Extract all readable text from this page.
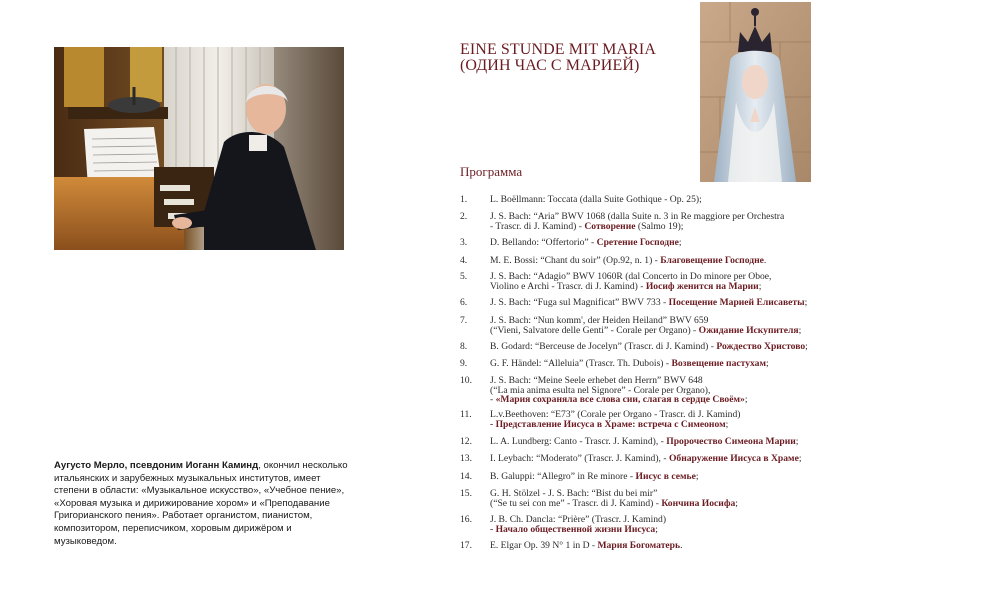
Аугусто Мерло, псевдоним Иоганн Каминд, окончил несколько итальянских и зарубежных музыкальных институтов, имеет степени в области: «Музыкальное искусство», «Учебное пение», «Хоровая музыка и дирижирование хором» и «Преподавание Григорианского пения». Работает органистом, пианистом, композитором, переписчиком, хоровым дирижёром и музыковедом.
EINE STUNDE MIT MARIA
(ОДИН ЧАС С МАРИЕЙ)
Программа
1.	L. Boëllmann: Toccata (dalla Suite Gothique - Op. 25);
2.	J. S. Bach: “Aria” BWV 1068 (dalla Suite n. 3 in Re maggiore per Orchestra
- Trascr. di J. Kamind) - Сотворение (Salmo 19);
3.	D. Bellando: “Offertorio” - Сретение Господне;
4.	M. E. Bossi: “Chant du soir” (Op.92, n. 1) - Благовещение Господне.
5.	J. S. Bach: “Adagio” BWV 1060R (dal Concerto in Do minore per Oboe,
Violino e Archi - Trascr. di J. Kamind) - Иосиф женится на Марии;
6.	J. S. Bach: “Fuga sul Magnificat” BWV 733 - Посещение Марией Елисаветы;
7.	J. S. Bach: “Nun komm', der Heiden Heiland” BWV 659
(“Vieni, Salvatore delle Genti” - Corale per Organo) - Ожидание Искупителя;
8.	B. Godard: “Berceuse de Jocelyn” (Trascr. di J. Kamind) - Рождество Христово;
9.	G. F. Händel: “Alleluia” (Trascr. Th. Dubois) - Возвещение пастухам;
10.	J. S. Bach: “Meine Seele erhebet den Herrn” BWV 648
(“La mia anima esulta nel Signore” - Corale per Organo),
- «Мария сохраняла все слова сии, слагая в сердце Своём»;
11.	L.v.Beethoven: “E73” (Corale per Organo - Trascr. di J. Kamind)
- Представление Иисуса в Храме: встреча с Симеоном;
12.	L. A. Lundberg: Canto - Trascr. J. Kamind), - Пророчество Симеона Марии;
13.	I. Leybach: “Moderato” (Trascr. J. Kamind), - Обнаружение Иисуса в Храме;
14.	B. Galuppi: “Allegro” in Re minore - Иисус в семье;
15.	G. H. Stölzel - J. S. Bach: “Bist du bei mir”
(“Se tu sei con me” - Trascr. di J. Kamind) - Кончина Иосифа;
16.	J. B. Ch. Dancla: “Prière” (Trascr. J. Kamind)
- Начало общественной жизни Иисуса;
17.	E. Elgar Op. 39 N° 1 in D - Мария Богоматерь.
